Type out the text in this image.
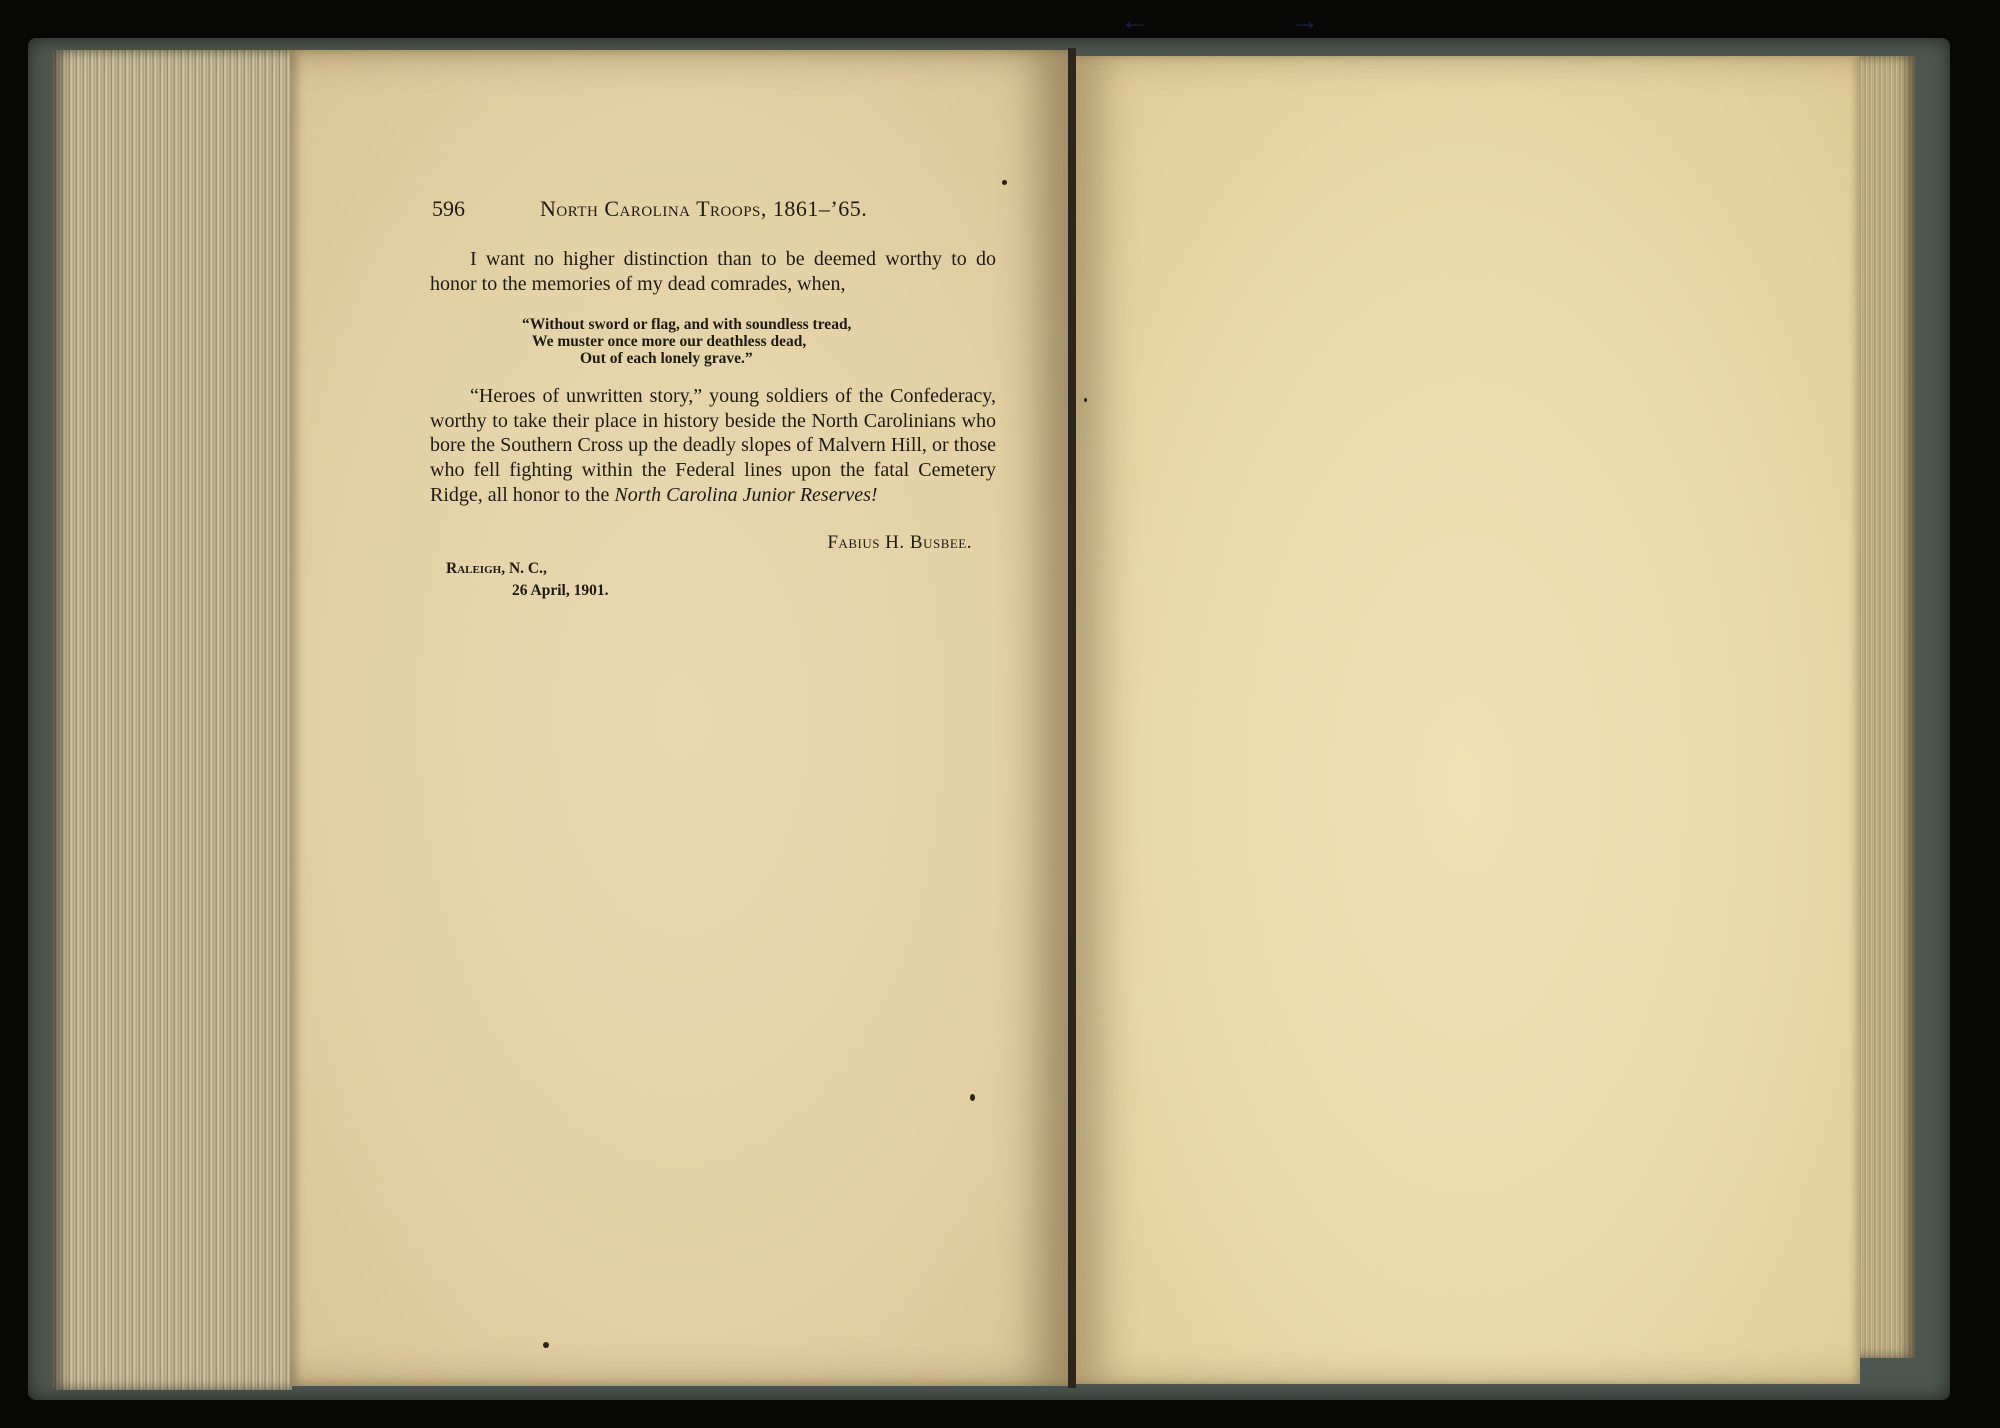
←           →
596	North Carolina Troops, 1861–’65.
I want no higher distinction than to be deemed worthy to do honor to the memories of my dead comrades, when,
“Without sword or flag, and with soundless tread,
We muster once more our deathless dead,
Out of each lonely grave.”
“Heroes of unwritten story,” young soldiers of the Confederacy, worthy to take their place in history beside the North Carolinians who bore the Southern Cross up the deadly slopes of Malvern Hill, or those who fell fighting within the Federal lines upon the fatal Cemetery Ridge, all honor to the North Carolina Junior Reserves!
Fabius H. Busbee.
Raleigh, N. C.,
26 April, 1901.
